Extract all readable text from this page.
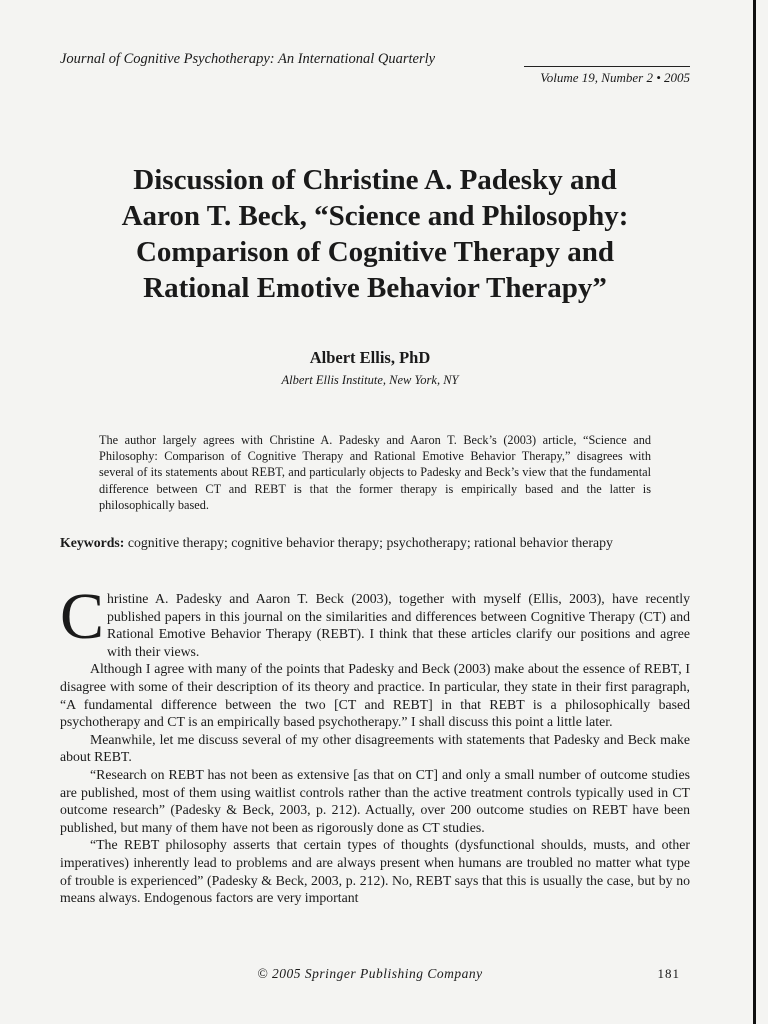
Journal of Cognitive Psychotherapy: An International Quarterly
Volume 19, Number 2 • 2005
Discussion of Christine A. Padesky and
Aaron T. Beck, “Science and Philosophy:
Comparison of Cognitive Therapy and
Rational Emotive Behavior Therapy”
Albert Ellis, PhD
Albert Ellis Institute, New York, NY
The author largely agrees with Christine A. Padesky and Aaron T. Beck’s (2003) article, “Science and Philosophy: Comparison of Cognitive Therapy and Rational Emotive Behavior Therapy,” disagrees with several of its statements about REBT, and particularly objects to Padesky and Beck’s view that the fundamental difference between CT and REBT is that the former therapy is empirically based and the latter is philosophically based.
Keywords: cognitive therapy; cognitive behavior therapy; psychotherapy; rational behavior therapy

Christine A. Padesky and Aaron T. Beck (2003), together with myself (Ellis, 2003), have recently published papers in this journal on the similarities and differences between Cognitive Therapy (CT) and Rational Emotive Behavior Therapy (REBT). I think that these articles clarify our positions and agree with their views.

Although I agree with many of the points that Padesky and Beck (2003) make about the essence of REBT, I disagree with some of their description of its theory and practice. In particular, they state in their first paragraph, “A fundamental difference between the two [CT and REBT] in that REBT is a philosophically based psychotherapy and CT is an empirically based psychotherapy.” I shall discuss this point a little later.

Meanwhile, let me discuss several of my other disagreements with statements that Padesky and Beck make about REBT.

“Research on REBT has not been as extensive [as that on CT] and only a small number of outcome studies are published, most of them using waitlist controls rather than the active treatment controls typically used in CT outcome research” (Padesky & Beck, 2003, p. 212). Actually, over 200 outcome studies on REBT have been published, but many of them have not been as rigorously done as CT studies.

“The REBT philosophy asserts that certain types of thoughts (dysfunctional shoulds, musts, and other imperatives) inherently lead to problems and are always present when humans are troubled no matter what type of trouble is experienced” (Padesky & Beck, 2003, p. 212). No, REBT says that this is usually the case, but by no means always. Endogenous factors are very important

© 2005 Springer Publishing Company	181
